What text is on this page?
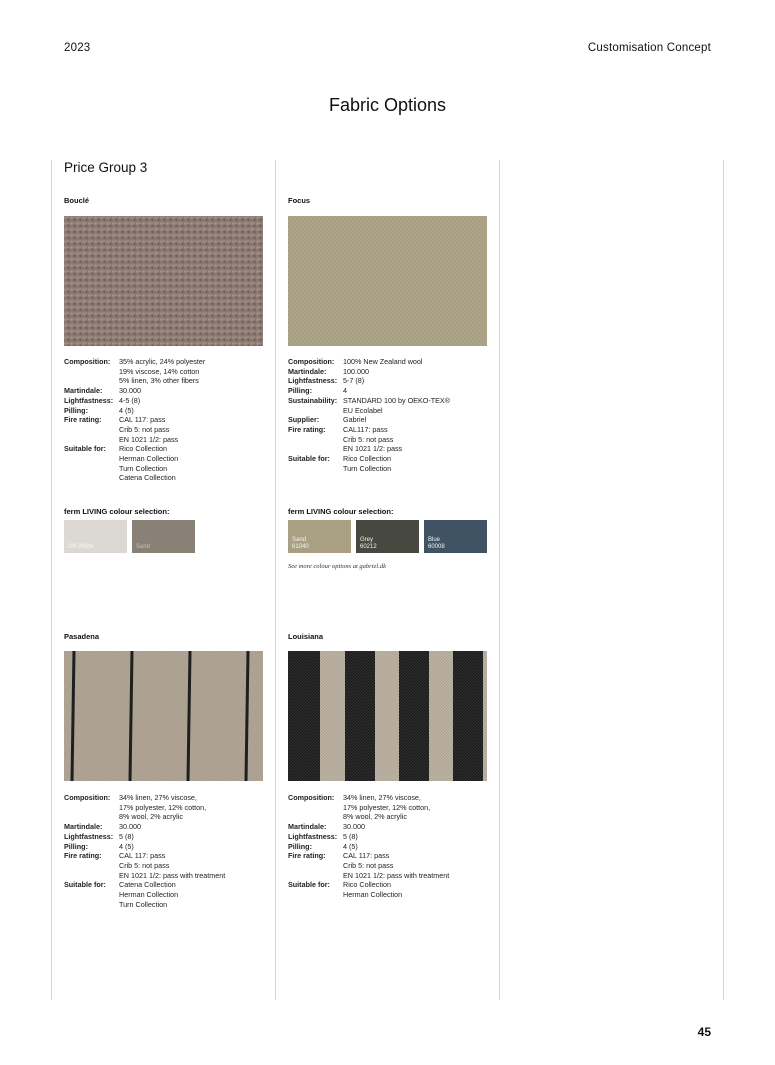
2023	Customisation Concept
Fabric Options
Price Group 3
Bouclé
Composition:	35% acrylic, 24% polyester
19% viscose, 14% cotton
5% linen, 3% other fibers
Martindale:	30.000
Lightfastness: 4-5 (8)
Pilling:	4 (5)
Fire rating:	CAL 117: pass
Crib 5: not pass
EN 1021 1/2: pass
Suitable for:	Rico Collection
Herman Collection
Turn Collection
Catena Collection
ferm LIVING colour selection:
Off-White	Sand
Focus
Composition:	100% New Zealand wool
Martindale:	100.000
Lightfastness: 5-7 (8)
Pilling:	4
Sustainability: STANDARD 100 by OEKO-TEX®
EU Ecolabel
Supplier:	Gabriel
Fire rating:	CAL117: pass
Crib 5: not pass
EN 1021 1/2: pass
Suitable for:	Rico Collection
Turn Collection
ferm LIVING colour selection:
Sand
61040
Grey
60212
Blue
60008
See more colour options at gabriel.dk
Pasadena
Composition:	34% linen, 27% viscose,
17% polyester, 12% cotton,
8% wool, 2% acrylic
Martindale:	30.000
Lightfastness: 5 (8)
Pilling:	4 (5)
Fire rating:	CAL 117: pass
Crib 5: not pass
EN 1021 1/2: pass with treatment
Suitable for:	Catena Collection
Herman Collection
Turn Collection
Louisiana
Composition:	34% linen, 27% viscose,
17% polyester, 12% cotton,
8% wool, 2% acrylic
Martindale:	30.000
Lightfastness: 5 (8)
Pilling:	4 (5)
Fire rating:	CAL 117: pass
Crib 5: not pass
EN 1021 1/2: pass with treatment
Suitable for:	Rico Collection
Herman Collection
45
